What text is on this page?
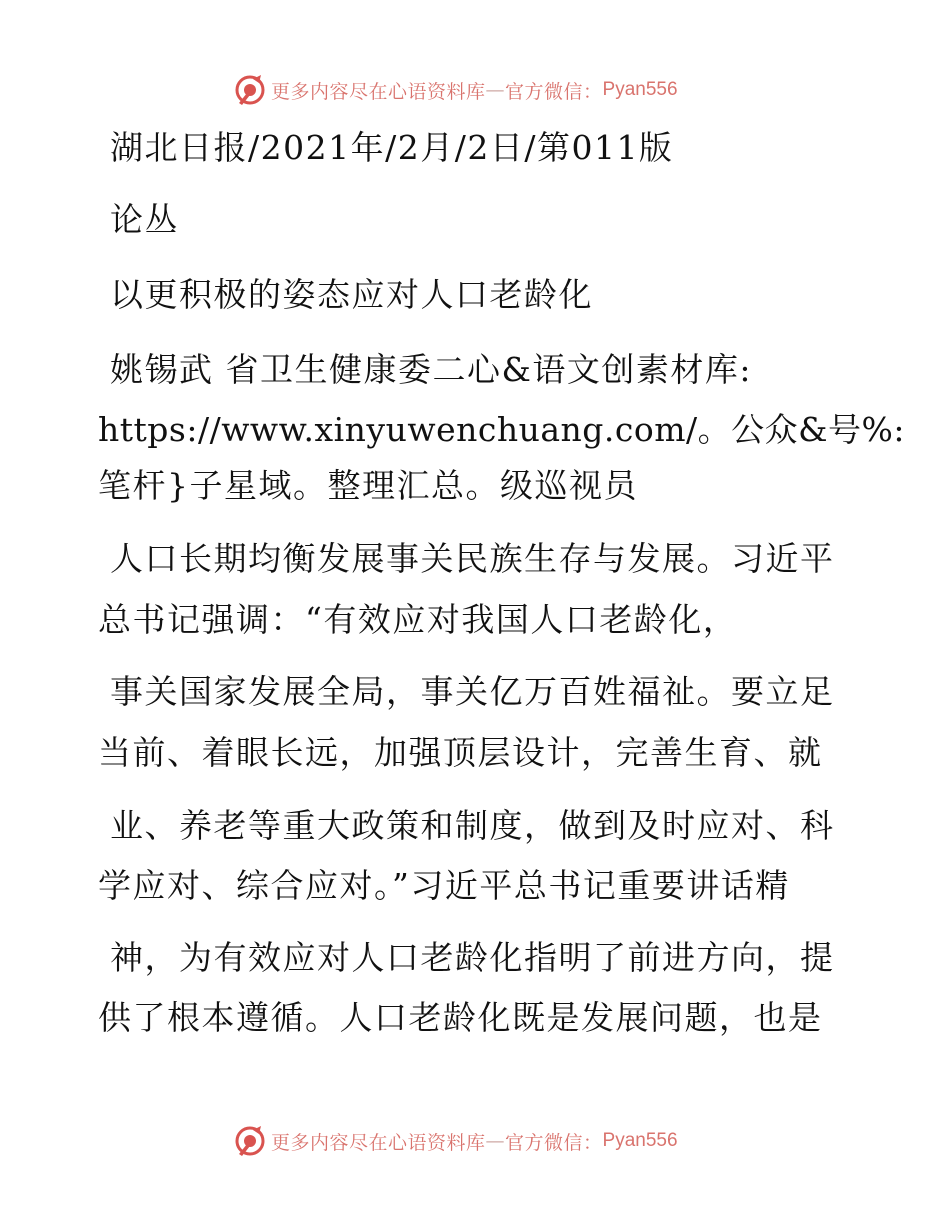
更多内容尽在心语资料库 — 官方微信： Pyan556
湖北日报/2021年/2月/2日/第011版
论丛
以更积极的姿态应对人口老龄化
姚锡武 省卫生健康委二心&语文创素材库:
https://www.xinyuwenchuang.com/。公众&号%:
笔杆}子星域。整理汇总。级巡视员
人口长期均衡发展事关民族生存与发展。习近平
总书记强调：“有效应对我国人口老龄化，
事关国家发展全局，事关亿万百姓福祉。要立足
当前、着眼长远，加强顶层设计，完善生育、就
业、养老等重大政策和制度，做到及时应对、科
学应对、综合应对。”习近平总书记重要讲话精
神，为有效应对人口老龄化指明了前进方向，提
供了根本遵循。人口老龄化既是发展问题，也是
更多内容尽在心语资料库 — 官方微信： Pyan556
